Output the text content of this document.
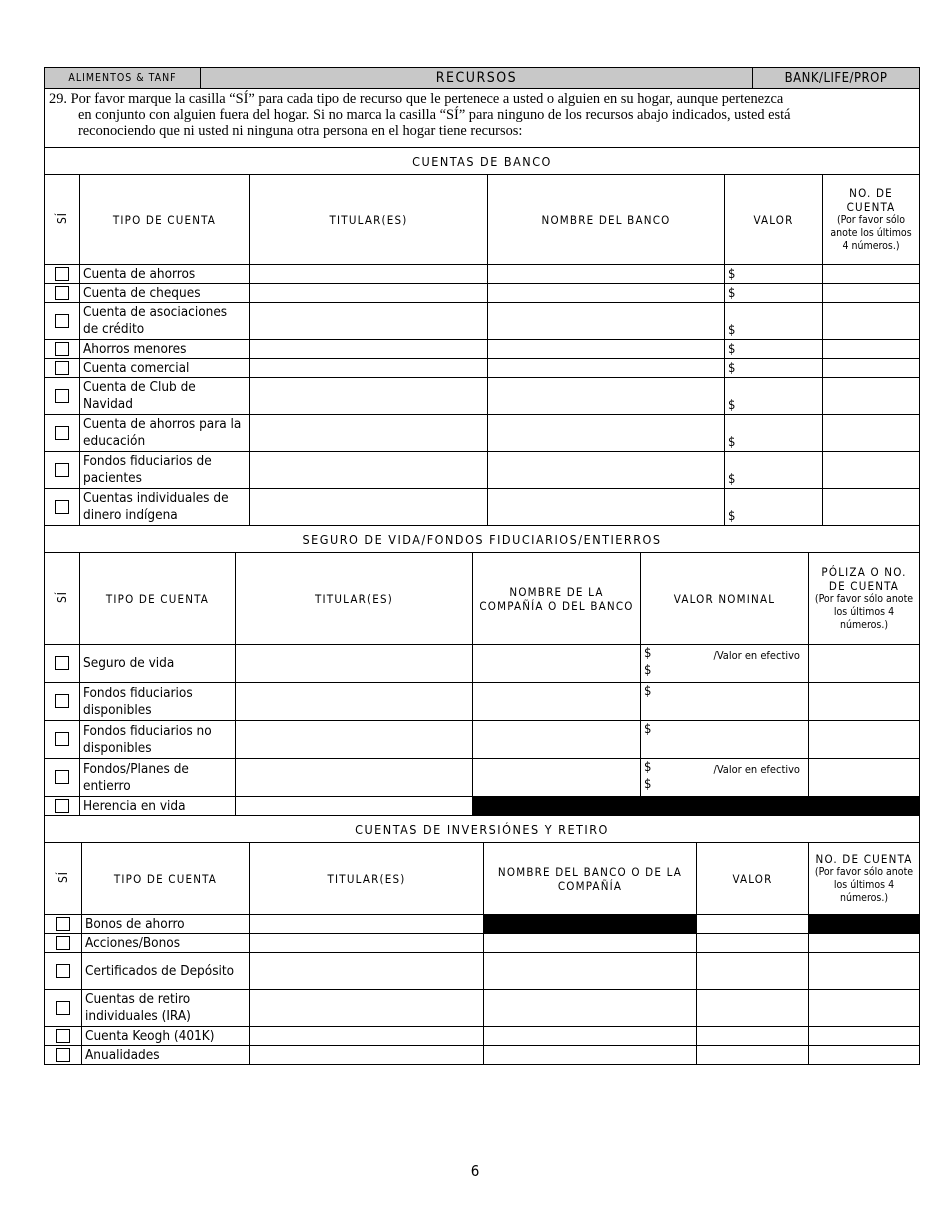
ALIMENTOS & TANF	RECURSOS	BANK/LIFE/PROP

29. Por favor marque la casilla “SÍ” para cada tipo de recurso que le pertenece a usted o alguien en su hogar, aunque pertenezca
en conjunto con alguien fuera del hogar. Si no marca la casilla “SÍ” para ninguno de los recursos abajo indicados, usted está
reconociendo que ni usted ni ninguna otra persona en el hogar tiene recursos:
CUENTAS DE BANCO					
SÍ	TIPO DE CUENTA	TITULAR(ES)	NOMBRE DEL BANCO	VALOR	NO. DE CUENTA
(Por favor sólo anote los últimos 4 números.)

	Cuenta de ahorros			$	
	Cuenta de cheques			$	
	Cuenta de asociaciones de crédito			$	
	Ahorros menores			$	
	Cuenta comercial			$	
	Cuenta de Club de Navidad			$	
	Cuenta de ahorros para la educación			$	
	Fondos fiduciarios de pacientes			$	
	Cuentas individuales de dinero indígena			$	
SEGURO DE VIDA/FONDOS FIDUCIARIOS/ENTIERROS					
SÍ	TIPO DE CUENTA	TITULAR(ES)	NOMBRE DE LA COMPAÑÍA O DEL BANCO	VALOR NOMINAL	PÓLIZA O NO. DE CUENTA
(Por favor sólo anote los últimos 4 números.)

	Seguro de vida			$ /Valor en efectivo
$	

	Fondos fiduciarios disponibles			$	

	Fondos fiduciarios no disponibles			$	

	Fondos/Planes de entierro			$ /Valor en efectivo
$	

	Herencia en vida				
CUENTAS DE INVERSIÓNES Y RETIRO					
SÍ	TIPO DE CUENTA	TITULAR(ES)	NOMBRE DEL BANCO O DE LA COMPAÑÍA	VALOR	NO. DE CUENTA
(Por favor sólo anote los últimos 4 números.)

	Bonos de ahorro				
	Acciones/Bonos				
	Certificados de Depósito				
	Cuentas de retiro individuales (IRA)				
	Cuenta Keogh (401K)				
	Anualidades				
6
